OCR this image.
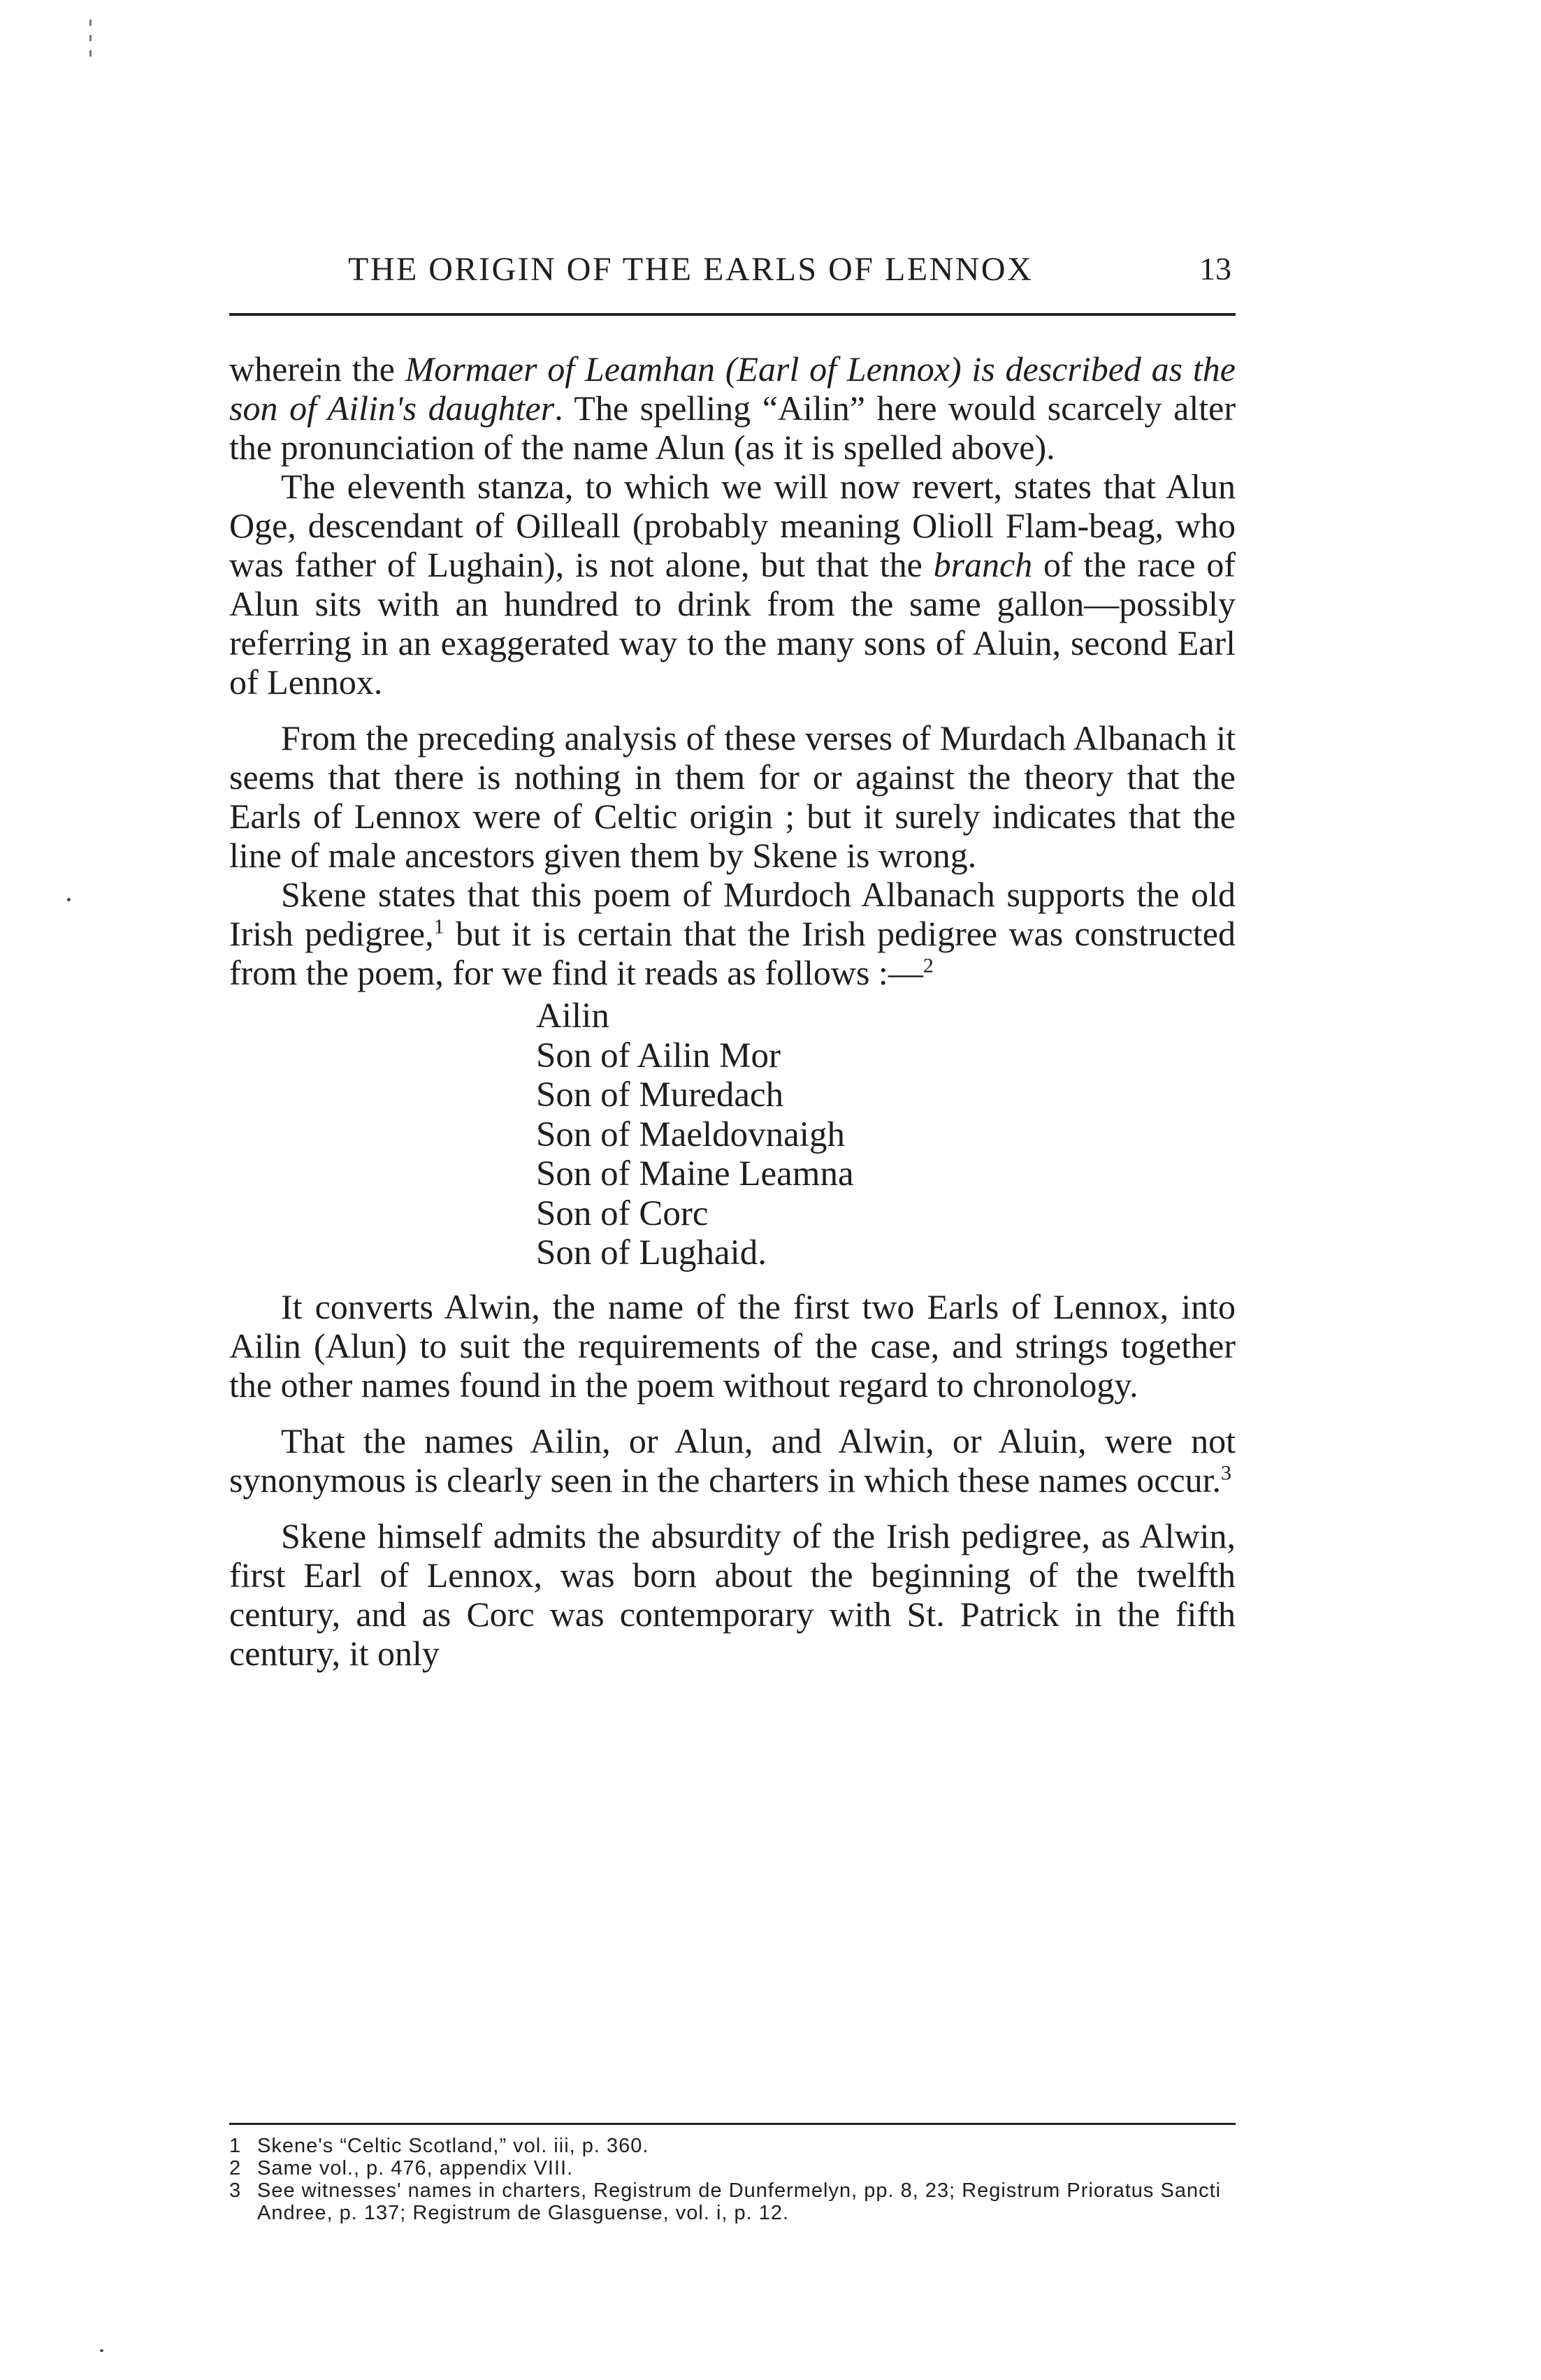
THE ORIGIN OF THE EARLS OF LENNOX	13

wherein the Mormaer of Leamhan (Earl of Lennox) is described as the son of Ailin's daughter. The spelling “Ailin” here would scarcely alter the pronunciation of the name Alun (as it is spelled above).

The eleventh stanza, to which we will now revert, states that Alun Oge, descendant of Oilleall (probably meaning Olioll Flam-beag, who was father of Lughain), is not alone, but that the branch of the race of Alun sits with an hundred to drink from the same gallon—possibly referring in an exaggerated way to the many sons of Aluin, second Earl of Lennox.

From the preceding analysis of these verses of Murdach Albanach it seems that there is nothing in them for or against the theory that the Earls of Lennox were of Celtic origin ; but it surely indicates that the line of male ancestors given them by Skene is wrong.

Skene states that this poem of Murdoch Albanach supports the old Irish pedigree,$^1$ but it is certain that the Irish pedigree was constructed from the poem, for we find it reads as follows :—$^2$

Ailin
Son of Ailin Mor
Son of Muredach
Son of Maeldovnaigh
Son of Maine Leamna
Son of Corc
Son of Lughaid.

It converts Alwin, the name of the first two Earls of Lennox, into Ailin (Alun) to suit the requirements of the case, and strings together the other names found in the poem without regard to chronology.

That the names Ailin, or Alun, and Alwin, or Aluin, were not synonymous is clearly seen in the charters in which these names occur.$^3$

Skene himself admits the absurdity of the Irish pedigree, as Alwin, first Earl of Lennox, was born about the beginning of the twelfth century, and as Corc was contemporary with St. Patrick in the fifth century, it only

1 Skene's “Celtic Scotland,” vol. iii, p. 360.
2 Same vol., p. 476, appendix VIII.
3 See witnesses' names in charters, Registrum de Dunfermelyn, pp. 8, 23; Registrum Prioratus Sancti Andree, p. 137; Registrum de Glasguense, vol. i, p. 12.
